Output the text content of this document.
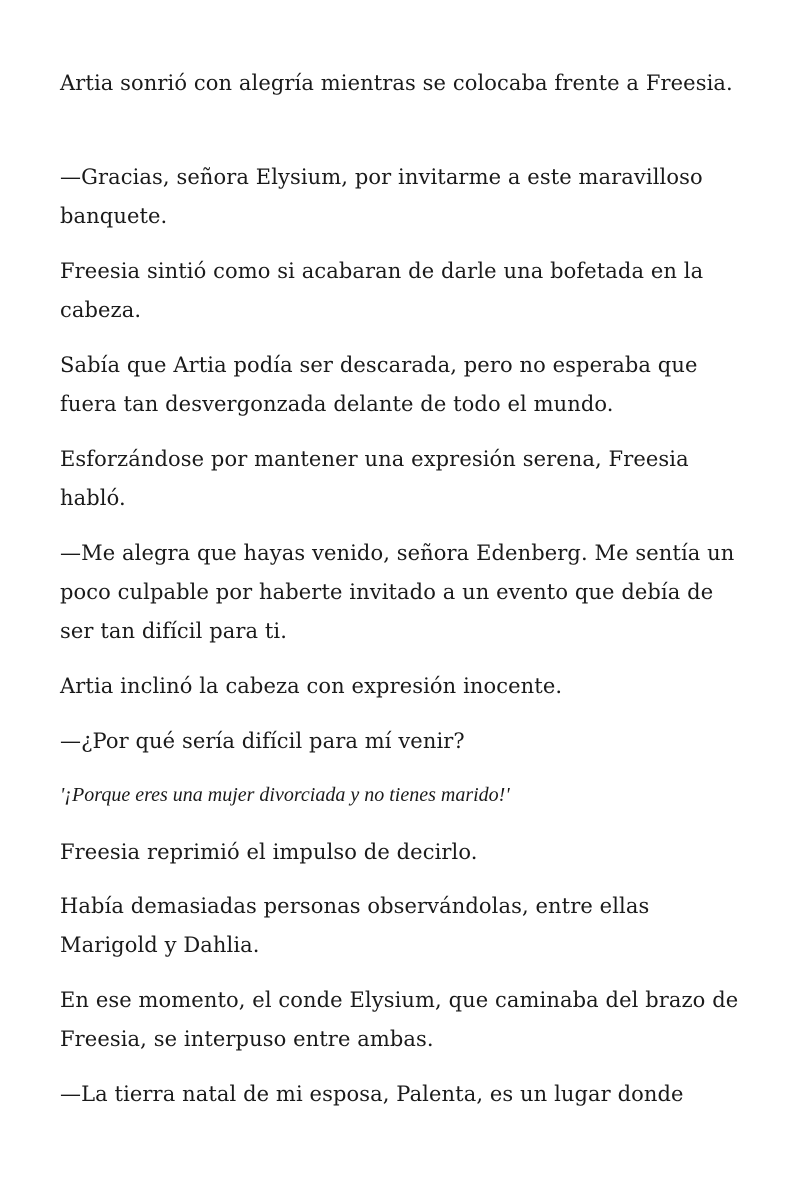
Artia sonrió con alegría mientras se colocaba frente a Freesia.

—Gracias, señora Elysium, por invitarme a este maravilloso banquete.

Freesia sintió como si acabaran de darle una bofetada en la cabeza.

Sabía que Artia podía ser descarada, pero no esperaba que fuera tan desvergonzada delante de todo el mundo.

Esforzándose por mantener una expresión serena, Freesia habló.

—Me alegra que hayas venido, señora Edenberg. Me sentía un poco culpable por haberte invitado a un evento que debía de ser tan difícil para ti.

Artia inclinó la cabeza con expresión inocente.

—¿Por qué sería difícil para mí venir?

'¡Porque eres una mujer divorciada y no tienes marido!'

Freesia reprimió el impulso de decirlo.

Había demasiadas personas observándolas, entre ellas Marigold y Dahlia.

En ese momento, el conde Elysium, que caminaba del brazo de Freesia, se interpuso entre ambas.

—La tierra natal de mi esposa, Palenta, es un lugar donde
